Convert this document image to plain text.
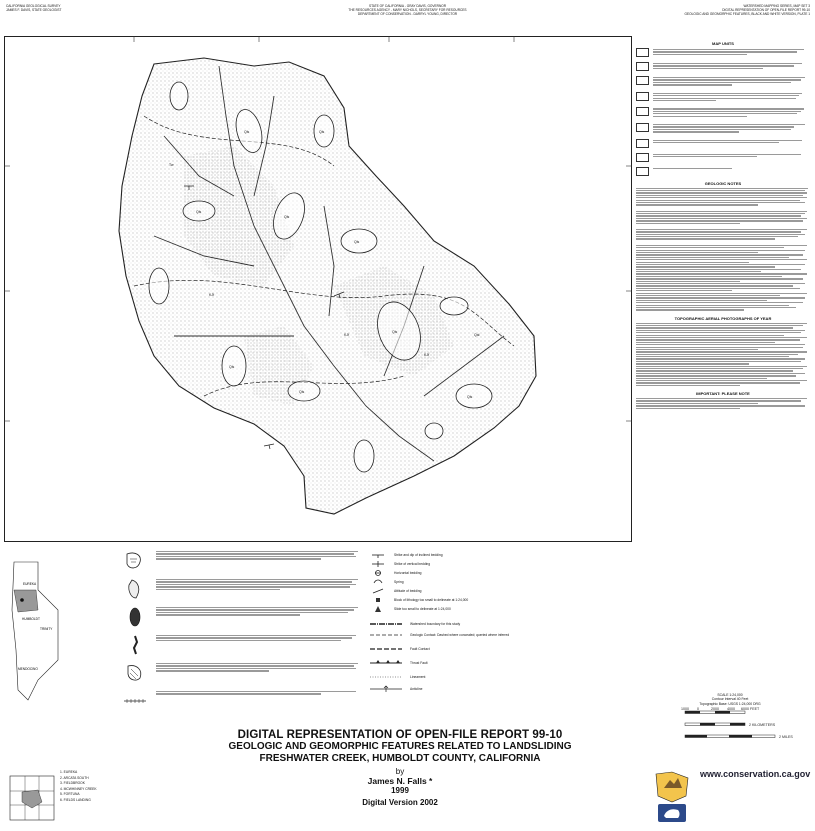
CALIFORNIA GEOLOGICAL SURVEY
JAMES F. DAVIS, STATE GEOLOGIST
STATE OF CALIFORNIA - GRAY DAVIS, GOVERNOR
THE RESOURCES AGENCY - MARY NICHOLS, SECRETARY FOR RESOURCES
DEPARTMENT OF CONSERVATION - DARRYL YOUNG, DIRECTOR
WATERSHED MAPPING SERIES, MAP SET 3
DIGITAL REPRESENTATION OF OPEN-FILE REPORT 99-10
GEOLOGIC AND GEOMORPHIC FEATURES, BLACK AND WHITE VERSION, PLATE 1
Qls
Qls
Qls
Qls
Qls
Qls
Qls
Qls
Qls
KJf
KJf
Tw
Qal
KJf
MAP UNITS
GEOLOGIC NOTES
TOPOGRAPHIC AERIAL PHOTOGRAPHS OF YEAR
IMPORTANT: PLEASE NOTE
Strike and dip of inclined bedding
Strike of vertical bedding
Horizontal bedding
Spring
Attitude of bedding
Block of lithology too small to delineate at 1:24,000
Slide too small to delineate at 1:24,000
Watershed boundary for this study
Geologic Contact: Dashed where concealed; queried where inferred
Fault Contact
Thrust Fault
Lineament
Anticline
EUREKA
HUMBOLDT
TRINITY
MENDOCINO
1. EUREKA
2. ARCATA SOUTH
3. FIELDBROOK
4. MCWHINNEY CREEK
5. FORTUNA
6. FIELDS LANDING
DIGITAL REPRESENTATION OF OPEN-FILE REPORT 99-10
GEOLOGIC AND GEOMORPHIC FEATURES RELATED TO LANDSLIDING
FRESHWATER CREEK, HUMBOLDT COUNTY, CALIFORNIA
by
James N. Falls *
1999
Digital Version 2002
1000 0	2000 4000 6000 FEET
2 KILOMETERS
2 MILES
SCALE 1:24,000
Contour Interval 40 Feet
Topographic Base: USGS 1:24,000 DRG
www.conservation.ca.gov
